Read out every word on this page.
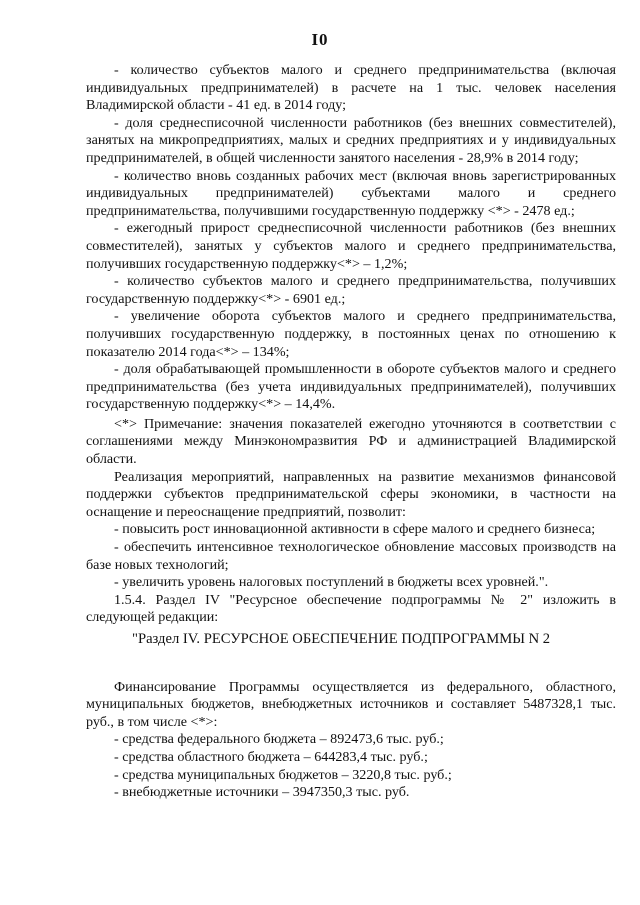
I0

- количество субъектов малого и среднего предпринимательства (включая индивидуальных предпринимателей) в расчете на 1 тыс. человек населения Владимирской области - 41 ед. в 2014 году;

- доля среднесписочной численности работников (без внешних совместителей), занятых на микропредприятиях, малых и средних предприятиях и у индивидуальных предпринимателей, в общей численности занятого населения - 28,9% в 2014 году;

- количество вновь созданных рабочих мест (включая вновь зарегистрированных индивидуальных предпринимателей) субъектами малого и среднего предпринимательства, получившими государственную поддержку <*> - 2478 ед.;

- ежегодный прирост среднесписочной численности работников (без внешних совместителей), занятых у субъектов малого и среднего предпринимательства, получивших государственную поддержку<*> – 1,2%;

- количество субъектов малого и среднего предпринимательства, получивших государственную поддержку<*> - 6901 ед.;

- увеличение оборота субъектов малого и среднего предпринимательства, получивших государственную поддержку, в постоянных ценах по отношению к показателю 2014 года<*> – 134%;

- доля обрабатывающей промышленности в обороте субъектов малого и среднего предпринимательства (без учета индивидуальных предпринимателей), получивших государственную поддержку<*> – 14,4%.

<*> Примечание: значения показателей ежегодно уточняются в соответствии с соглашениями между Минэкономразвития РФ и администрацией Владимирской области.

Реализация мероприятий, направленных на развитие механизмов финансовой поддержки субъектов предпринимательской сферы экономики, в частности на оснащение и переоснащение предприятий, позволит:

- повысить рост инновационной активности в сфере малого и среднего бизнеса;

- обеспечить интенсивное технологическое обновление массовых производств на базе новых технологий;

- увеличить уровень налоговых поступлений в бюджеты всех уровней.".

1.5.4. Раздел IV "Ресурсное обеспечение подпрограммы № 2" изложить в следующей редакции:

"Раздел IV. РЕСУРСНОЕ ОБЕСПЕЧЕНИЕ ПОДПРОГРАММЫ N 2

Финансирование Программы осуществляется из федерального, областного, муниципальных бюджетов, внебюджетных источников и составляет 5487328,1 тыс. руб., в том числе <*>:

- средства федерального бюджета – 892473,6 тыс. руб.;

- средства областного бюджета – 644283,4 тыс. руб.;

- средства муниципальных бюджетов – 3220,8 тыс. руб.;

- внебюджетные источники – 3947350,3 тыс. руб.
